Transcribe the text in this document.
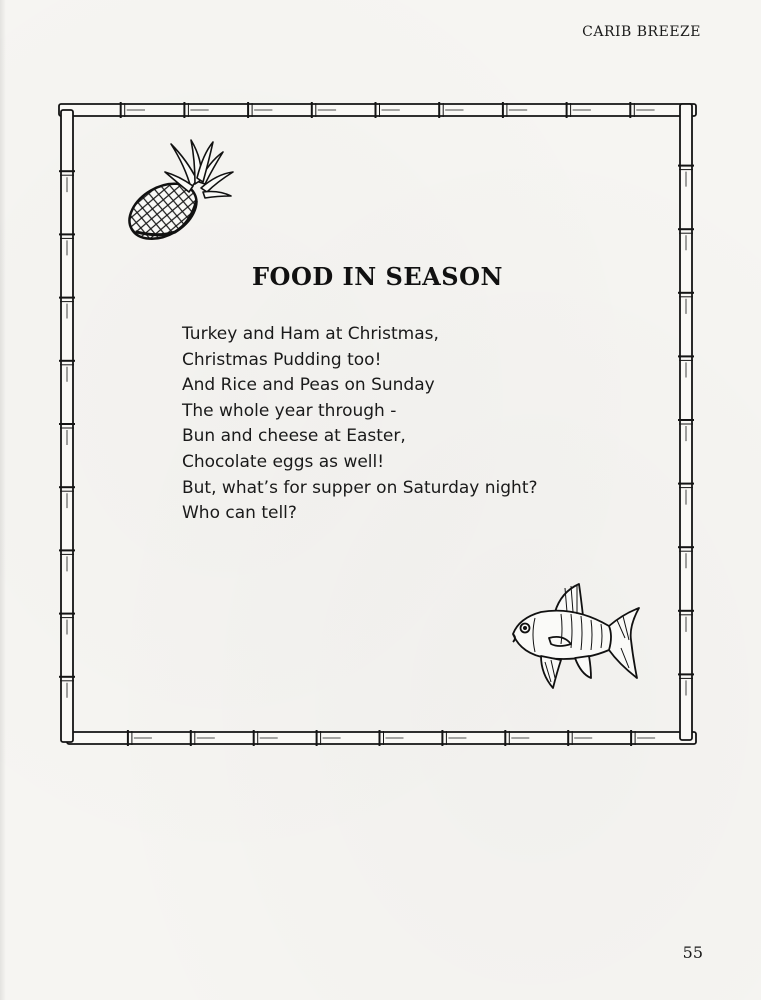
CARIB BREEZE
FOOD IN SEASON
Turkey and Ham at Christmas,
Christmas Pudding too!
And Rice and Peas on Sunday
The whole year through -
Bun and cheese at Easter,
Chocolate eggs as well!
But, what’s for supper on Saturday night?
Who can tell?
55
